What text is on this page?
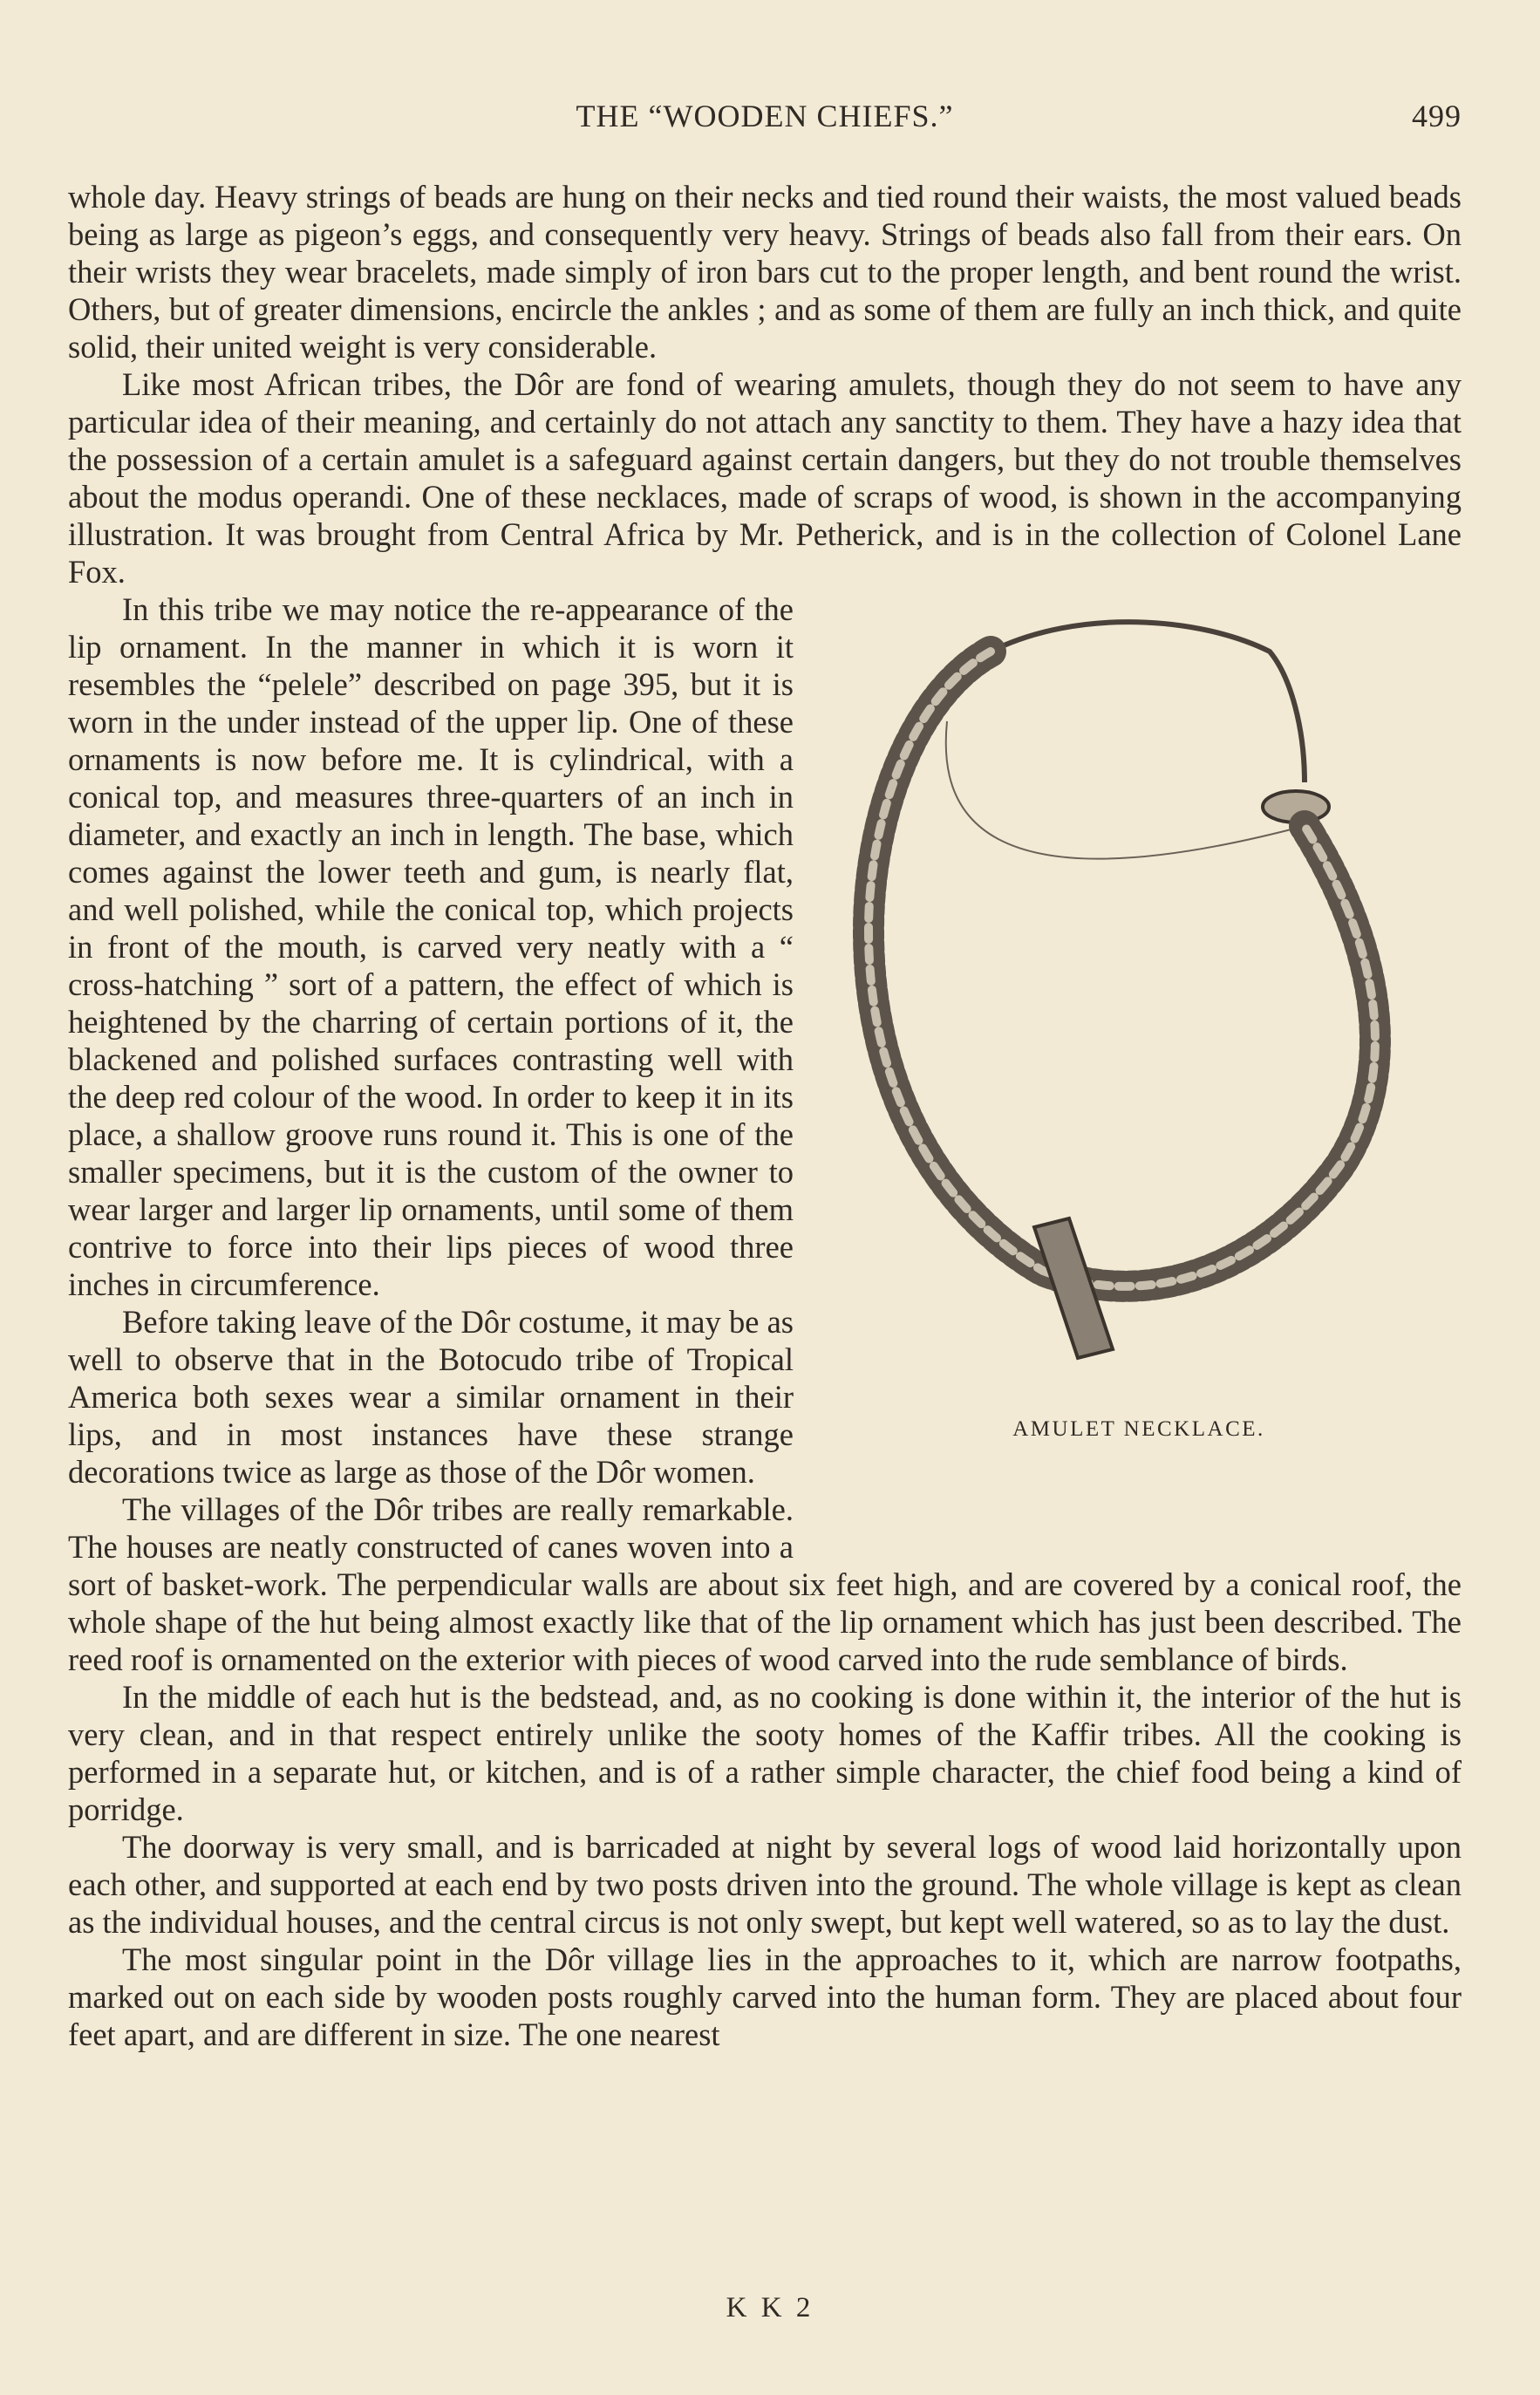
THE “WOODEN CHIEFS.”	499

whole day. Heavy strings of beads are hung on their necks and tied round their waists, the most valued beads being as large as pigeon’s eggs, and consequently very heavy. Strings of beads also fall from their ears. On their wrists they wear bracelets, made simply of iron bars cut to the proper length, and bent round the wrist. Others, but of greater dimensions, encircle the ankles ; and as some of them are fully an inch thick, and quite solid, their united weight is very considerable.

Like most African tribes, the Dôr are fond of wearing amulets, though they do not seem to have any particular idea of their meaning, and certainly do not attach any sanctity to them. They have a hazy idea that the possession of a certain amulet is a safeguard against certain dangers, but they do not trouble themselves about the modus operandi. One of these necklaces, made of scraps of wood, is shown in the accompanying illustration. It was brought from Central Africa by Mr. Petherick, and is in the collection of Colonel Lane Fox.

AMULET NECKLACE.

In this tribe we may notice the re-appearance of the lip ornament. In the manner in which it is worn it resembles the “pelele” described on page 395, but it is worn in the under instead of the upper lip. One of these ornaments is now before me. It is cylindrical, with a conical top, and measures three-quarters of an inch in diameter, and exactly an inch in length. The base, which comes against the lower teeth and gum, is nearly flat, and well polished, while the conical top, which projects in front of the mouth, is carved very neatly with a “ cross-hatching ” sort of a pattern, the effect of which is heightened by the charring of certain portions of it, the blackened and polished surfaces contrasting well with the deep red colour of the wood. In order to keep it in its place, a shallow groove runs round it. This is one of the smaller specimens, but it is the custom of the owner to wear larger and larger lip ornaments, until some of them contrive to force into their lips pieces of wood three inches in circumference.

Before taking leave of the Dôr costume, it may be as well to observe that in the Botocudo tribe of Tropical America both sexes wear a similar ornament in their lips, and in most instances have these strange decorations twice as large as those of the Dôr women.

The villages of the Dôr tribes are really remarkable. The houses are neatly constructed of canes woven into a sort of basket-work. The perpendicular walls are about six feet high, and are covered by a conical roof, the whole shape of the hut being almost exactly like that of the lip ornament which has just been described. The reed roof is ornamented on the exterior with pieces of wood carved into the rude semblance of birds.

In the middle of each hut is the bedstead, and, as no cooking is done within it, the interior of the hut is very clean, and in that respect entirely unlike the sooty homes of the Kaffir tribes. All the cooking is performed in a separate hut, or kitchen, and is of a rather simple character, the chief food being a kind of porridge.

The doorway is very small, and is barricaded at night by several logs of wood laid horizontally upon each other, and supported at each end by two posts driven into the ground. The whole village is kept as clean as the individual houses, and the central circus is not only swept, but kept well watered, so as to lay the dust.

The most singular point in the Dôr village lies in the approaches to it, which are narrow footpaths, marked out on each side by wooden posts roughly carved into the human form. They are placed about four feet apart, and are different in size. The one nearest

K K 2
